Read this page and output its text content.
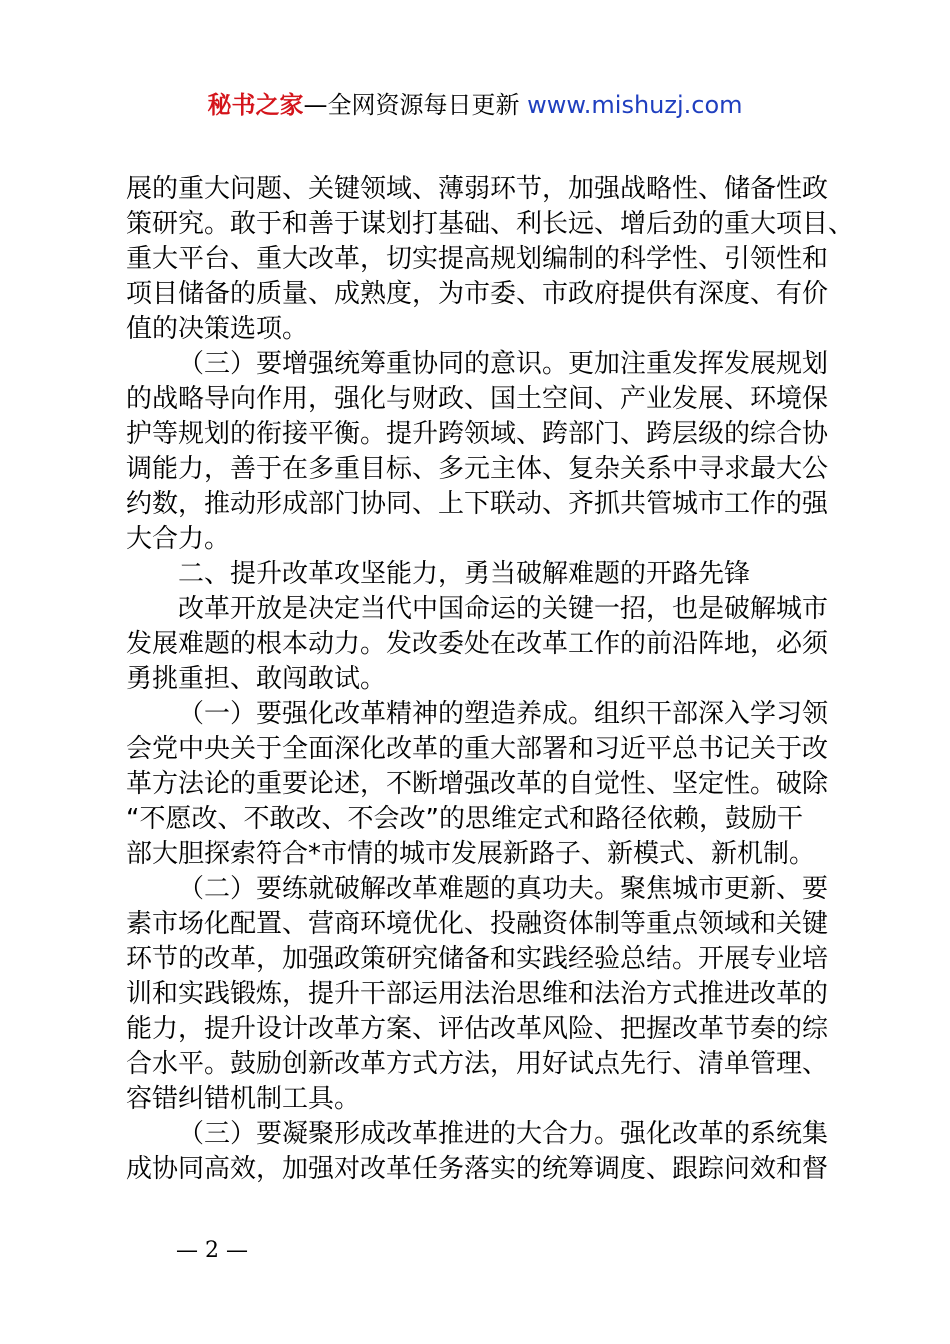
秘书之家—全网资源每日更新 www.mishuzj.com
展的重大问题、关键领域、薄弱环节，加强战略性、储备性政
策研究。敢于和善于谋划打基础、利长远、增后劲的重大项目、
重大平台、重大改革，切实提高规划编制的科学性、引领性和
项目储备的质量、成熟度，为市委、市政府提供有深度、有价
值的决策选项。
（三）要增强统筹重协同的意识。更加注重发挥发展规划
的战略导向作用，强化与财政、国土空间、产业发展、环境保
护等规划的衔接平衡。提升跨领域、跨部门、跨层级的综合协
调能力，善于在多重目标、多元主体、复杂关系中寻求最大公
约数，推动形成部门协同、上下联动、齐抓共管城市工作的强
大合力。
二、提升改革攻坚能力，勇当破解难题的开路先锋
改革开放是决定当代中国命运的关键一招，也是破解城市
发展难题的根本动力。发改委处在改革工作的前沿阵地，必须
勇挑重担、敢闯敢试。
（一）要强化改革精神的塑造养成。组织干部深入学习领
会党中央关于全面深化改革的重大部署和习近平总书记关于改
革方法论的重要论述，不断增强改革的自觉性、坚定性。破除
“不愿改、不敢改、不会改”的思维定式和路径依赖，鼓励干
部大胆探索符合*市情的城市发展新路子、新模式、新机制。
（二）要练就破解改革难题的真功夫。聚焦城市更新、要
素市场化配置、营商环境优化、投融资体制等重点领域和关键
环节的改革，加强政策研究储备和实践经验总结。开展专业培
训和实践锻炼，提升干部运用法治思维和法治方式推进改革的
能力，提升设计改革方案、评估改革风险、把握改革节奏的综
合水平。鼓励创新改革方式方法，用好试点先行、清单管理、
容错纠错机制工具。
（三）要凝聚形成改革推进的大合力。强化改革的系统集
成协同高效，加强对改革任务落实的统筹调度、跟踪问效和督
— 2 —
